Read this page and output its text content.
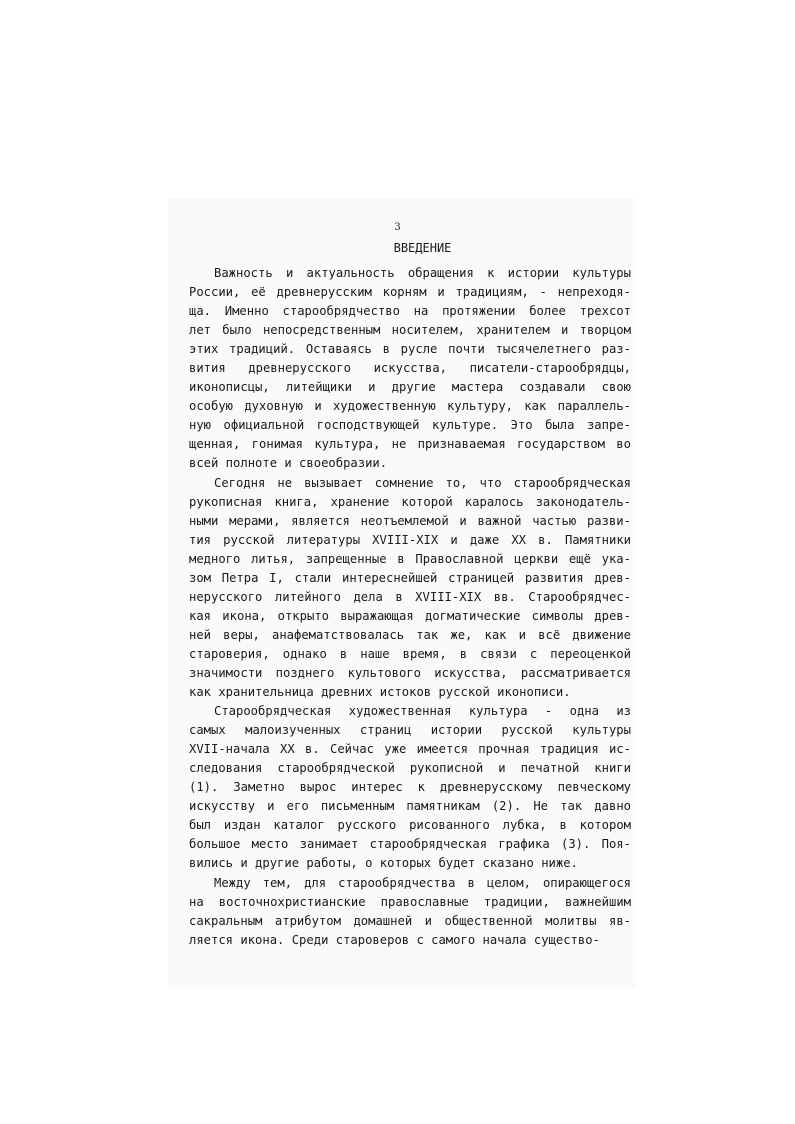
3
ВВЕДЕНИЕ
Важность и актуальность обращения к истории культуры
России, её древнерусским корням и традициям, - непреходя-
ща. Именно старообрядчество на протяжении более трехсот
лет было непосредственным носителем, хранителем и творцом
этих традиций. Оставаясь в русле почти тысячелетнего раз-
вития древнерусского искусства, писатели-старообрядцы,
иконописцы, литейщики и другие мастера создавали свою
особую духовную и художественную культуру, как параллель-
ную официальной господствующей культуре. Это была запре-
щенная, гонимая культура, не признаваемая государством во
всей полноте и своеобразии.
Сегодня не вызывает сомнение то, что старообрядческая
рукописная книга, хранение которой каралось законодатель-
ными мерами, является неотъемлемой и важной частью разви-
тия русской литературы XVIII-XIX и даже XX в. Памятники
медного литья, запрещенные в Православной церкви ещё ука-
зом Петра I, стали интереснейшей страницей развития древ-
нерусского литейного дела в XVIII-XIX вв. Старообрядчес-
кая икона, открыто выражающая догматические символы древ-
ней веры, анафематствовалась так же, как и всё движение
староверия, однако в наше время, в связи с переоценкой
значимости позднего культового искусства, рассматривается
как хранительница древних истоков русской иконописи.
Старообрядческая художественная культура - одна из
самых малоизученных страниц истории русской культуры
XVII-начала XX в. Сейчас уже имеется прочная традиция ис-
следования старообрядческой рукописной и печатной книги
(1). Заметно вырос интерес к древнерусскому певческому
искусству и его письменным памятникам (2). Не так давно
был издан каталог русского рисованного лубка, в котором
большое место занимает старообрядческая графика (3). Поя-
вились и другие работы, о которых будет сказано ниже.
Между тем, для старообрядчества в целом, опирающегося
на восточнохристианские православные традиции, важнейшим
сакральным атрибутом домашней и общественной молитвы яв-
ляется икона. Среди староверов с самого начала существо-
